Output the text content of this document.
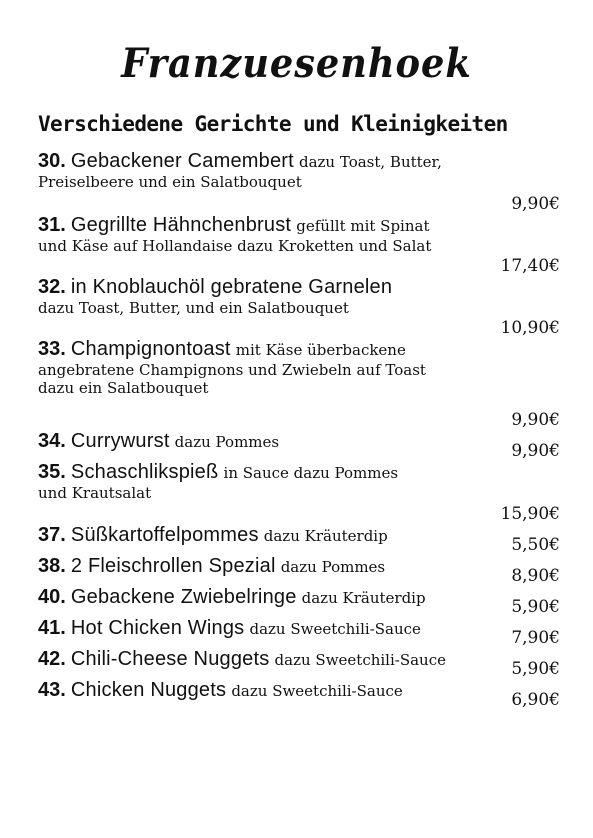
Franzuesenhoek
Verschiedene Gerichte und Kleinigkeiten
30. Gebackener Camembert dazu Toast, Butter,
Preiselbeere und ein Salatbouquet
9,90€
31. Gegrillte Hähnchenbrust gefüllt mit Spinat
und Käse auf Hollandaise dazu Kroketten und Salat
17,40€
32. in Knoblauchöl gebratene Garnelen
dazu Toast, Butter, und ein Salatbouquet
10,90€
33. Champignontoast mit Käse überbackene
angebratene Champignons und Zwiebeln auf Toast
dazu ein Salatbouquet
9,90€
34. Currywurst dazu Pommes	9,90€
35. Schaschlikspieß in Sauce dazu Pommes
und Krautsalat
15,90€
37. Süßkartoffelpommes dazu Kräuterdip	5,50€
38. 2 Fleischrollen Spezial dazu Pommes	8,90€
40. Gebackene Zwiebelringe dazu Kräuterdip	5,90€
41. Hot Chicken Wings dazu Sweetchili-Sauce	7,90€
42. Chili-Cheese Nuggets dazu Sweetchili-Sauce	5,90€
43. Chicken Nuggets dazu Sweetchili-Sauce	6,90€
